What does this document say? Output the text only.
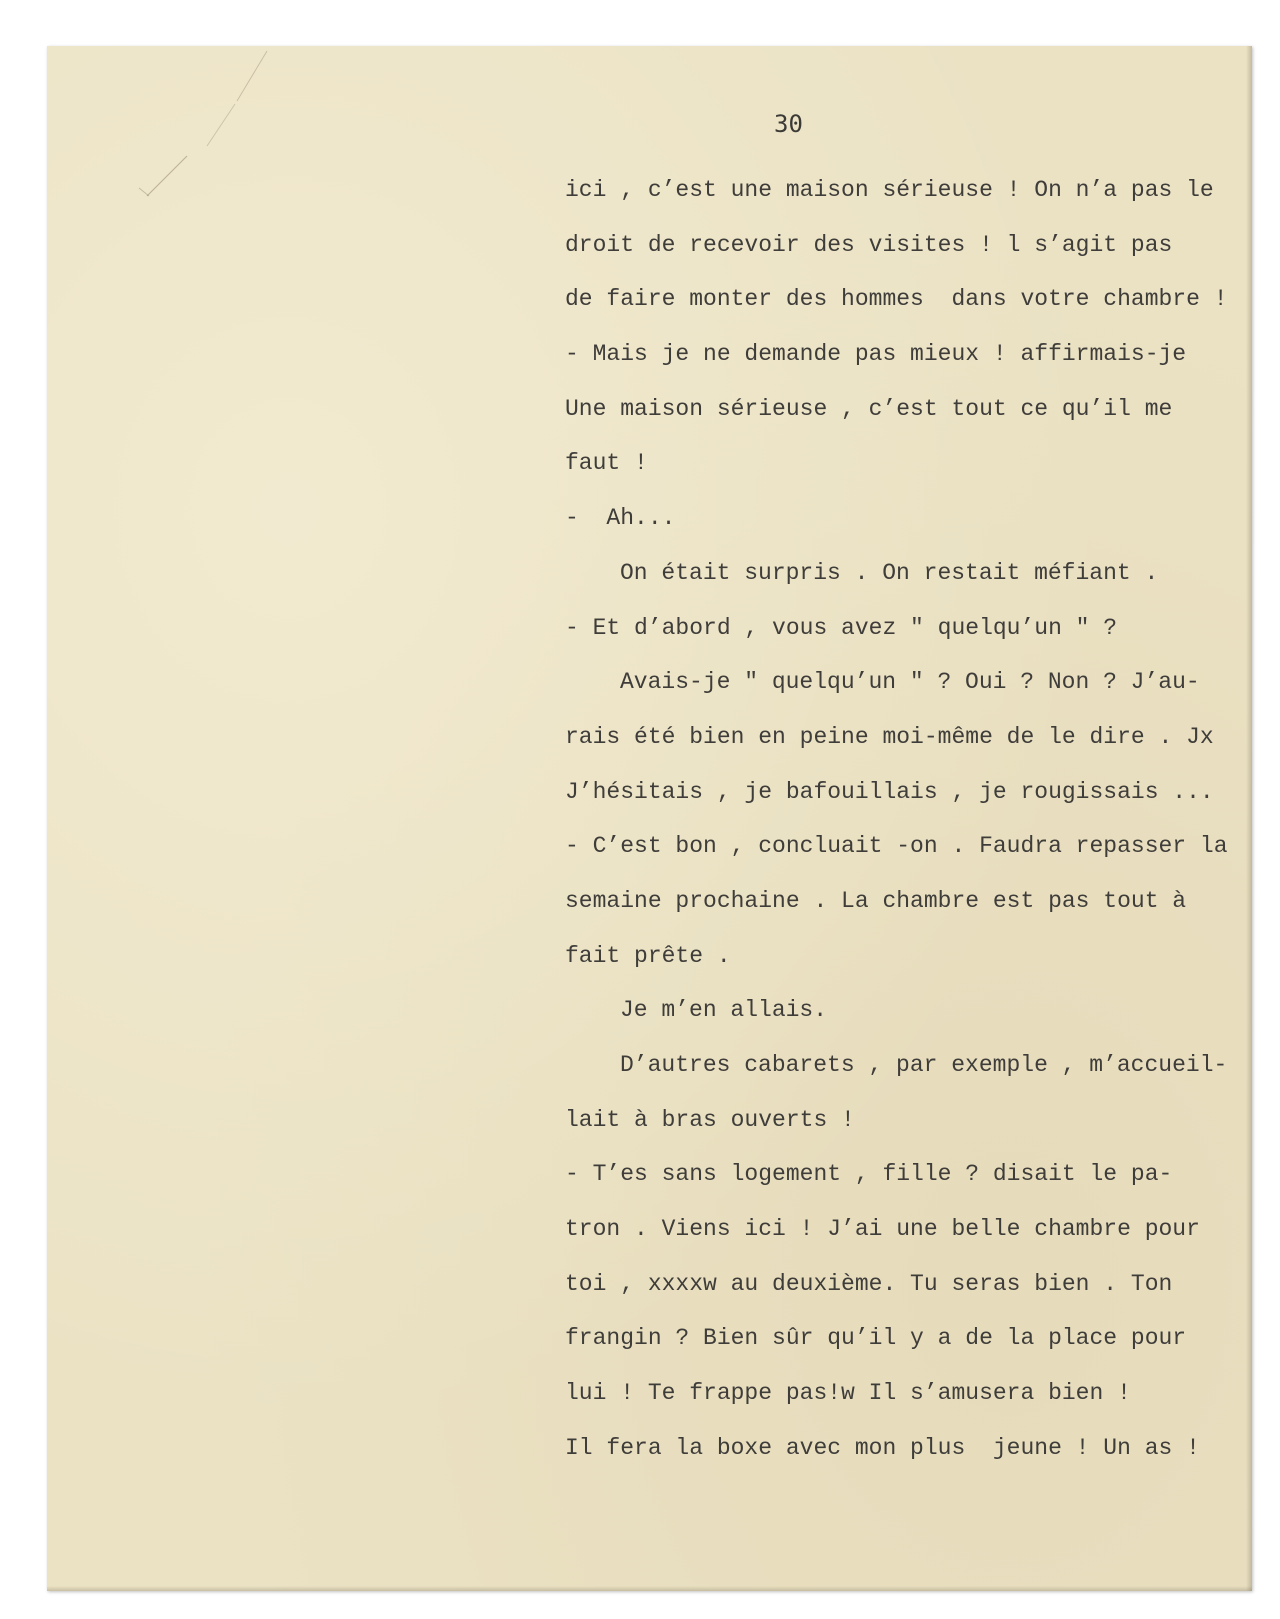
30
ici , c’est une maison sérieuse ! On n’a pas le
droit de recevoir des visites ! l s’agit pas
de faire monter des hommes  dans votre chambre !
- Mais je ne demande pas mieux ! affirmais-je
Une maison sérieuse , c’est tout ce qu’il me
faut !
-  Ah...
On était surpris . On restait méfiant .
- Et d’abord , vous avez " quelqu’un " ?
Avais-je " quelqu’un " ? Oui ? Non ? J’au-
rais été bien en peine moi-même de le dire . Jx
J’hésitais , je bafouillais , je rougissais ...
- C’est bon , concluait -on . Faudra repasser la
semaine prochaine . La chambre est pas tout à
fait prête .
Je m’en allais.
D’autres cabarets , par exemple , m’accueil-
lait à bras ouverts !
- T’es sans logement , fille ? disait le pa-
tron . Viens ici ! J’ai une belle chambre pour
toi , xxxxw au deuxième. Tu seras bien . Ton
frangin ? Bien sûr qu’il y a de la place pour
lui ! Te frappe pas!w Il s’amusera bien !
Il fera la boxe avec mon plus  jeune ! Un as !
